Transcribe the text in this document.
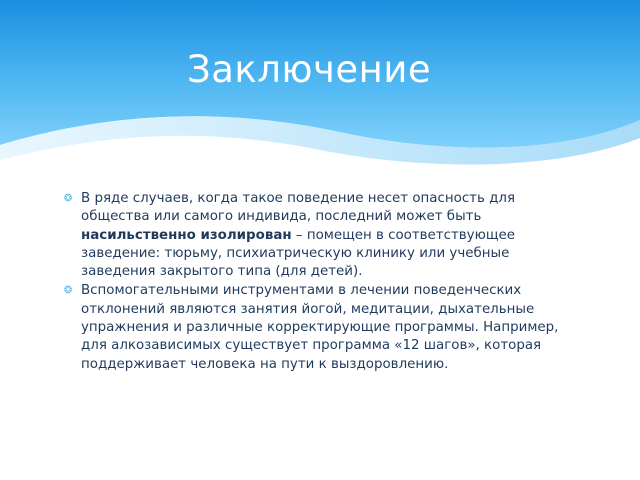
Заключение
❂ В ряде случаев, когда такое поведение несет опасность для общества или самого индивида, последний может быть насильственно изолирован – помещен в соответствующее заведение: тюрьму, психиатрическую клинику или учебные заведения закрытого типа (для детей).
❂ Вспомогательными инструментами в лечении поведенческих отклонений являются занятия йогой, медитации, дыхательные упражнения и различные корректирующие программы. Например, для алкозависимых существует программа «12 шагов», которая поддерживает человека на пути к выздоровлению.
